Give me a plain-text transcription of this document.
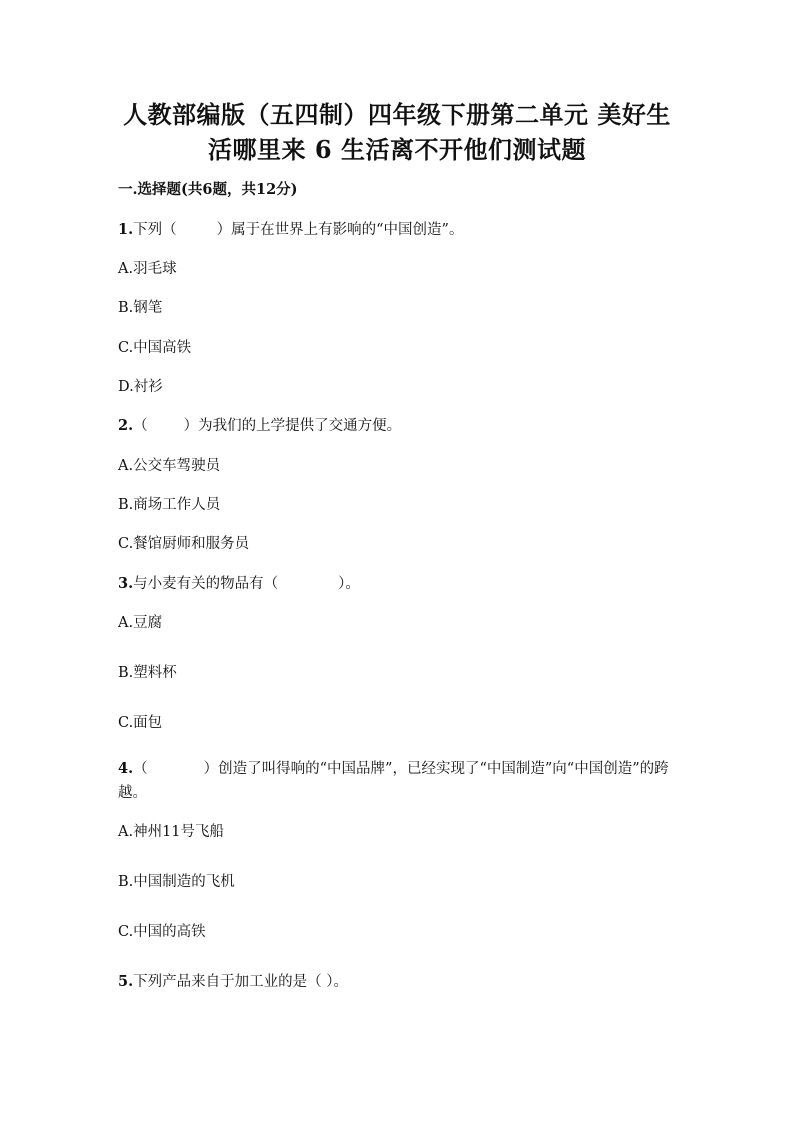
人教部编版（五四制）四年级下册第二单元 美好生
活哪里来 6 生活离不开他们测试题
一.选择题(共6题，共12分)
1.下列（	）属于在世界上有影响的“中国创造”。
A.羽毛球
B.钢笔
C.中国高铁
D.衬衫
2.（ ）为我们的上学提供了交通方便。
A.公交车驾驶员
B.商场工作人员
C.餐馆厨师和服务员
3.与小麦有关的物品有（	）。
A.豆腐
B.塑料杯
C.面包
4.（	）创造了叫得响的“中国品牌”，已经实现了“中国制造”向“中国创造”的跨越。
A.神州11号飞船
B.中国制造的飞机
C.中国的高铁
5.下列产品来自于加工业的是（ ）。
